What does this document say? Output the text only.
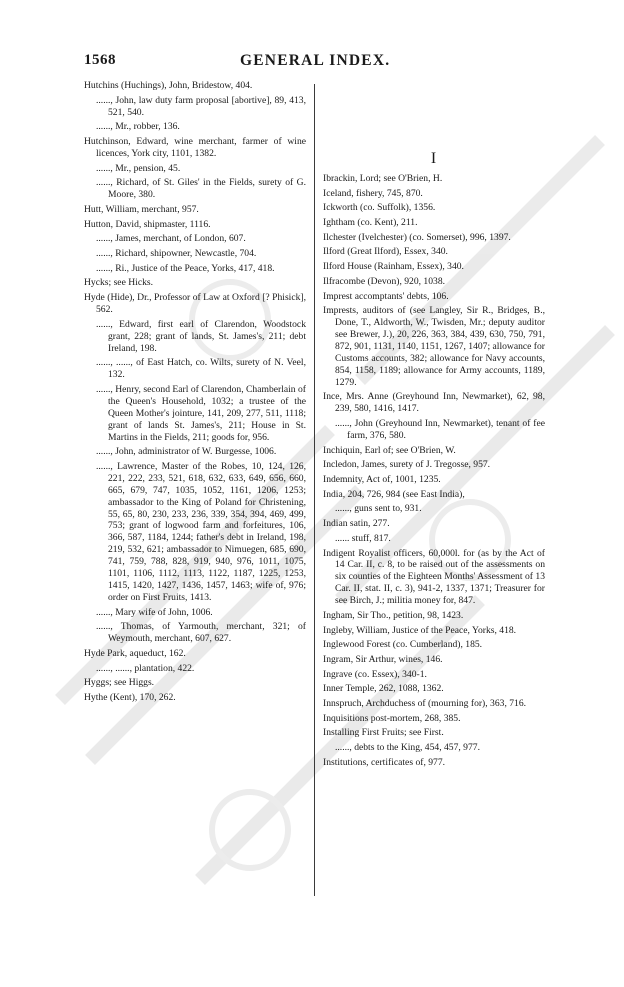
1568	GENERAL INDEX.
Hutchins (Huchings), John, Bridestow, 404.
......, John, law duty farm proposal [abortive], 89, 413, 521, 540.
......, Mr., robber, 136.
Hutchinson, Edward, wine merchant, farmer of wine licences, York city, 1101, 1382.
......, Mr., pension, 45.
......, Richard, of St. Giles' in the Fields, surety of G. Moore, 380.
Hutt, William, merchant, 957.
Hutton, David, shipmaster, 1116.
......, James, merchant, of London, 607.
......, Richard, shipowner, Newcastle, 704.
......, Ri., Justice of the Peace, Yorks, 417, 418.
Hycks; see Hicks.
Hyde (Hide), Dr., Professor of Law at Oxford [? Phisick], 562.
......, Edward, first earl of Clarendon, Woodstock grant, 228; grant of lands, St. James's, 211; debt Ireland, 198.
......, ......, of East Hatch, co. Wilts, surety of N. Veel, 132.
......, Henry, second Earl of Clarendon, Chamberlain of the Queen's Household, 1032; a trustee of the Queen Mother's jointure, 141, 209, 277, 511, 1118; grant of lands St. James's, 211; House in St. Martins in the Fields, 211; goods for, 956.
......, John, administrator of W. Burgesse, 1006.
......, Lawrence, Master of the Robes, 10, 124, 126, 221, 222, 233, 521, 618, 632, 633, 649, 656, 660, 665, 679, 747, 1035, 1052, 1161, 1206, 1253; ambassador to the King of Poland for Christening, 55, 65, 80, 230, 233, 236, 339, 354, 394, 469, 499, 753; grant of logwood farm and forfeitures, 106, 366, 587, 1184, 1244; father's debt in Ireland, 198, 219, 532, 621; ambassador to Nimuegen, 685, 690, 741, 759, 788, 828, 919, 940, 976, 1011, 1075, 1101, 1106, 1112, 1113, 1122, 1187, 1225, 1253, 1415, 1420, 1427, 1436, 1457, 1463; wife of, 976; order on First Fruits, 1413.
......, Mary wife of John, 1006.
......, Thomas, of Yarmouth, merchant, 321; of Weymouth, merchant, 607, 627.
Hyde Park, aqueduct, 162.
......, ......, plantation, 422.
Hyggs; see Higgs.
Hythe (Kent), 170, 262.
I
Ibrackin, Lord; see O'Brien, H.
Iceland, fishery, 745, 870.
Ickworth (co. Suffolk), 1356.
Ightham (co. Kent), 211.
Ilchester (Ivelchester) (co. Somerset), 996, 1397.
Ilford (Great Ilford), Essex, 340.
Ilford House (Rainham, Essex), 340.
Ilfracombe (Devon), 920, 1038.
Imprest accomptants' debts, 106.
Imprests, auditors of (see Langley, Sir R., Bridges, B., Done, T., Aldworth, W., Twisden, Mr.; deputy auditor see Brewer, J.), 20, 226, 363, 384, 439, 630, 750, 791, 872, 901, 1131, 1140, 1151, 1267, 1407; allowance for Customs accounts, 382; allowance for Navy accounts, 854, 1158, 1189; allowance for Army accounts, 1189, 1279.
Ince, Mrs. Anne (Greyhound Inn, Newmarket), 62, 98, 239, 580, 1416, 1417.
......, John (Greyhound Inn, Newmarket), tenant of fee farm, 376, 580.
Inchiquin, Earl of; see O'Brien, W.
Incledon, James, surety of J. Tregosse, 957.
Indemnity, Act of, 1001, 1235.
India, 204, 726, 984 (see East India),
......, guns sent to, 931.
Indian satin, 277.
...... stuff, 817.
Indigent Royalist officers, 60,000l. for (as by the Act of 14 Car. II, c. 8, to be raised out of the assessments on six counties of the Eighteen Months' Assessment of 13 Car. II, stat. II, c. 3), 941-2, 1337, 1371; Treasurer for see Birch, J.; militia money for, 847.
Ingham, Sir Tho., petition, 98, 1423.
Ingleby, William, Justice of the Peace, Yorks, 418.
Inglewood Forest (co. Cumberland), 185.
Ingram, Sir Arthur, wines, 146.
Ingrave (co. Essex), 340-1.
Inner Temple, 262, 1088, 1362.
Innspruch, Archduchess of (mourning for), 363, 716.
Inquisitions post-mortem, 268, 385.
Installing First Fruits; see First.
......, debts to the King, 454, 457, 977.
Institutions, certificates of, 977.
